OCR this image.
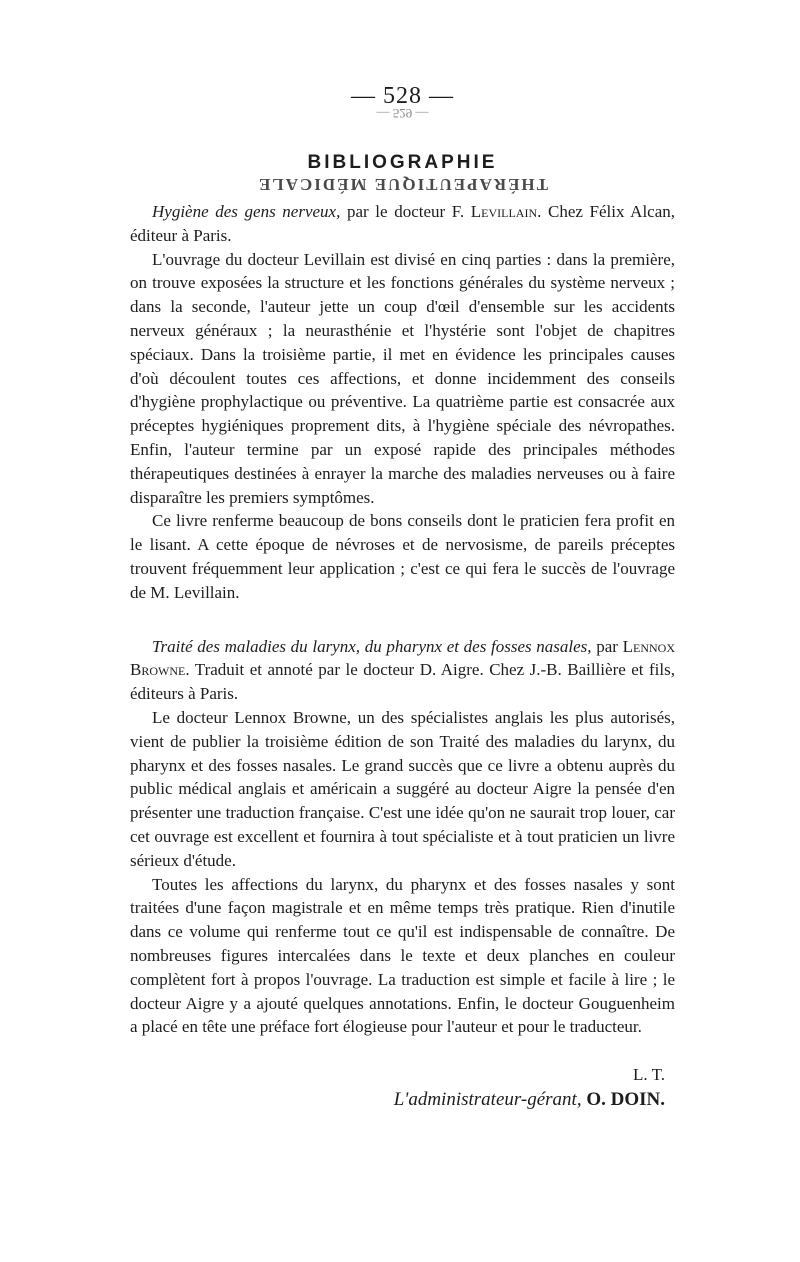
— 528 —
— 529 —
BIBLIOGRAPHIE
THÉRAPEUTIQUE MÉDICALE

Hygiène des gens nerveux, par le docteur F. Levillain. Chez Félix Alcan, éditeur à Paris.

L'ouvrage du docteur Levillain est divisé en cinq parties : dans la première, on trouve exposées la structure et les fonctions générales du système nerveux ; dans la seconde, l'auteur jette un coup d'œil d'ensemble sur les accidents nerveux généraux ; la neurasthénie et l'hystérie sont l'objet de chapitres spéciaux. Dans la troisième partie, il met en évidence les principales causes d'où découlent toutes ces affections, et donne incidemment des conseils d'hygiène prophylactique ou préventive. La quatrième partie est consacrée aux préceptes hygiéniques proprement dits, à l'hygiène spéciale des névropathes. Enfin, l'auteur termine par un exposé rapide des principales méthodes thérapeutiques destinées à enrayer la marche des maladies nerveuses ou à faire disparaître les premiers symptômes.

Ce livre renferme beaucoup de bons conseils dont le praticien fera profit en le lisant. A cette époque de névroses et de nervosisme, de pareils préceptes trouvent fréquemment leur application ; c'est ce qui fera le succès de l'ouvrage de M. Levillain.

Traité des maladies du larynx, du pharynx et des fosses nasales, par Lennox Browne. Traduit et annoté par le docteur D. Aigre. Chez J.-B. Baillière et fils, éditeurs à Paris.

Le docteur Lennox Browne, un des spécialistes anglais les plus autorisés, vient de publier la troisième édition de son Traité des maladies du larynx, du pharynx et des fosses nasales. Le grand succès que ce livre a obtenu auprès du public médical anglais et américain a suggéré au docteur Aigre la pensée d'en présenter une traduction française. C'est une idée qu'on ne saurait trop louer, car cet ouvrage est excellent et fournira à tout spécialiste et à tout praticien un livre sérieux d'étude.

Toutes les affections du larynx, du pharynx et des fosses nasales y sont traitées d'une façon magistrale et en même temps très pratique. Rien d'inutile dans ce volume qui renferme tout ce qu'il est indispensable de connaître. De nombreuses figures intercalées dans le texte et deux planches en couleur complètent fort à propos l'ouvrage. La traduction est simple et facile à lire ; le docteur Aigre y a ajouté quelques annotations. Enfin, le docteur Gouguenheim a placé en tête une préface fort élogieuse pour l'auteur et pour le traducteur.

L. T.
L'administrateur-gérant, O. DOIN.
